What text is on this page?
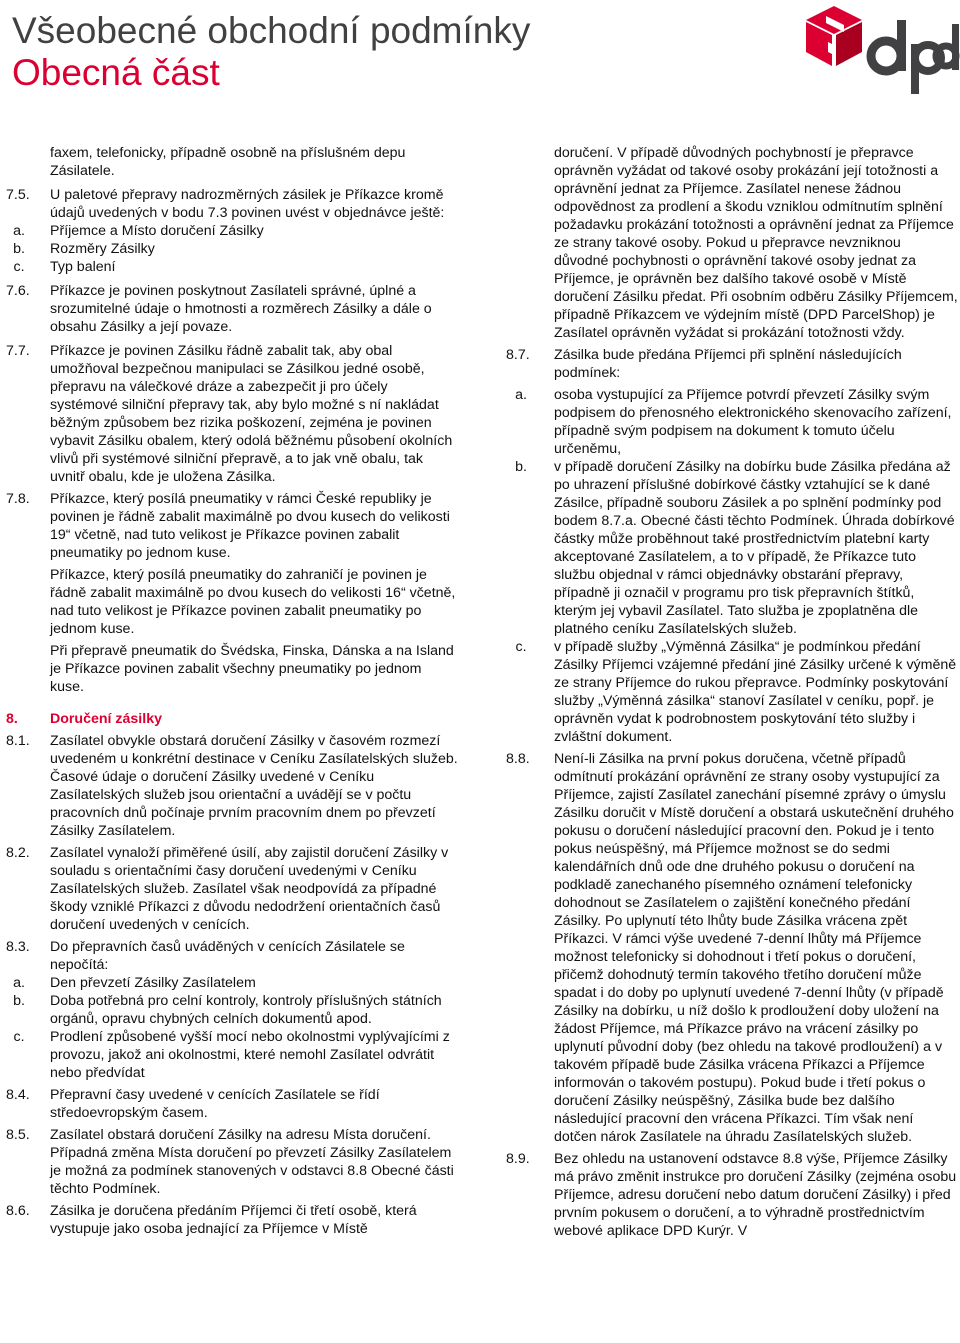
Všeobecné obchodní podmínky
Obecná část
faxem, telefonicky, případně osobně na příslušném depu Zásilatele.
7.5.	U paletové přepravy nadrozměrných zásilek je Příkazce kromě údajů uvedených v bodu 7.3 povinen uvést v objednávce ještě:
a.	Příjemce a Místo doručení Zásilky
b.	Rozměry Zásilky
c.	Typ balení
7.6.	Příkazce je povinen poskytnout Zasílateli správné, úplné a srozumitelné údaje o hmotnosti a rozměrech Zásilky a dále o obsahu Zásilky a její povaze.
7.7.	Příkazce je povinen Zásilku řádně zabalit tak, aby obal umožňoval bezpečnou manipulaci se Zásilkou jedné osobě, přepravu na válečkové dráze a zabezpečit ji pro účely systémové silniční přepravy tak, aby bylo možné s ní nakládat běžným způsobem bez rizika poškození, zejména je povinen vybavit Zásilku obalem, který odolá běžnému působení okolních vlivů při systémové silniční přepravě, a to jak vně obalu, tak uvnitř obalu, kde je uložena Zásilka.
7.8.	Příkazce, který posílá pneumatiky v rámci České republiky je povinen je řádně zabalit maximálně po dvou kusech do velikosti 19“ včetně, nad tuto velikost je Příkazce povinen zabalit pneumatiky po jednom kuse.
Příkazce, který posílá pneumatiky do zahraničí je povinen je řádně zabalit maximálně po dvou kusech do velikosti 16“ včetně, nad tuto velikost je Příkazce povinen zabalit pneumatiky po jednom kuse.
Při přepravě pneumatik do Švédska, Finska, Dánska a na Island je Příkazce povinen zabalit všechny pneumatiky po jednom kuse.
8.	Doručení zásilky
8.1.	Zasílatel obvykle obstará doručení Zásilky v časovém rozmezí uvedeném u konkrétní destinace v Ceníku Zasílatelských služeb. Časové údaje o doručení Zásilky uvedené v Ceníku Zasílatelských služeb jsou orientační a uvádějí se v počtu pracovních dnů počínaje prvním pracovním dnem po převzetí Zásilky Zasílatelem.
8.2.	Zasílatel vynaloží přiměřené úsilí, aby zajistil doručení Zásilky v souladu s orientačními časy doručení uvedenými v Ceníku Zasílatelských služeb. Zasílatel však neodpovídá za případné škody vzniklé Příkazci z důvodu nedodržení orientačních časů doručení uvedených v cenících.
8.3.	Do přepravních časů uváděných v cenících Zásilatele se nepočítá:
a.	Den převzetí Zásilky Zasílatelem
b.	Doba potřebná pro celní kontroly, kontroly příslušných státních orgánů, opravu chybných celních dokumentů apod.
c.	Prodlení způsobené vyšší mocí nebo okolnostmi vyplývajícími z provozu, jakož ani okolnostmi, které nemohl Zasílatel odvrátit nebo předvídat
8.4.	Přepravní časy uvedené v cenících Zasílatele se řídí středoevropským časem.
8.5.	Zasílatel obstará doručení Zásilky na adresu Místa doručení. Případná změna Místa doručení po převzetí Zásilky Zasílatelem je možná za podmínek stanovených v odstavci 8.8 Obecné části těchto Podmínek.
8.6.	Zásilka je doručena předáním Příjemci či třetí osobě, která vystupuje jako osoba jednající za Příjemce v Místě
doručení. V případě důvodných pochybností je přepravce oprávněn vyžádat od takové osoby prokázání její totožnosti a oprávnění jednat za Příjemce. Zasílatel nenese žádnou odpovědnost za prodlení a škodu vzniklou odmítnutím splnění požadavku prokázání totožnosti a oprávnění jednat za Příjemce ze strany takové osoby. Pokud u přepravce nevzniknou důvodné pochybnosti o oprávnění takové osoby jednat za Příjemce, je oprávněn bez dalšího takové osobě v Místě doručení Zásilku předat. Při osobním odběru Zásilky Příjemcem, případně Příkazcem ve výdejním místě (DPD ParcelShop) je Zasílatel oprávněn vyžádat si prokázání totožnosti vždy.
8.7.	Zásilka bude předána Příjemci při splnění následujících podmínek:
a.	osoba vystupující za Příjemce potvrdí převzetí Zásilky svým podpisem do přenosného elektronického skenovacího zařízení, případně svým podpisem na dokument k tomuto účelu určeněmu,
b.	v případě doručení Zásilky na dobírku bude Zásilka předána až po uhrazení příslušné dobírkové částky vztahující se k dané Zásilce, případně souboru Zásilek a po splnění podmínky pod bodem 8.7.a. Obecné části těchto Podmínek. Úhrada dobírkové částky může proběhnout také prostřednictvím platební karty akceptované Zasílatelem, a to v případě, že Příkazce tuto službu objednal v rámci objednávky obstarání přepravy, případně ji označil v programu pro tisk přepravních štítků, kterým jej vybavil Zasílatel. Tato služba je zpoplatněna dle platného ceníku Zasílatelských služeb.
c.	v případě služby „Výměnná Zásilka“ je podmínkou předání Zásilky Příjemci vzájemné předání jiné Zásilky určené k výměně ze strany Příjemce do rukou přepravce. Podmínky poskytování služby „Výměnná zásilka“ stanoví Zasílatel v ceníku, popř. je oprávněn vydat k podrobnostem poskytování této služby i zvláštní dokument.
8.8.	Není-li Zásilka na první pokus doručena, včetně případů odmítnutí prokázání oprávnění ze strany osoby vystupující za Příjemce, zajistí Zasílatel zanechání písemné zprávy o úmyslu Zásilku doručit v Místě doručení a obstará uskutečnění druhého pokusu o doručení následující pracovní den. Pokud je i tento pokus neúspěšný, má Příjemce možnost se do sedmi kalendářních dnů ode dne druhého pokusu o doručení na podkladě zanechaného písemného oznámení telefonicky dohodnout se Zasílatelem o zajištění konečného předání Zásilky. Po uplynutí této lhůty bude Zásilka vrácena zpět Příkazci. V rámci výše uvedené 7-denní lhůty má Příjemce možnost telefonicky si dohodnout i třetí pokus o doručení, přičemž dohodnutý termín takového třetího doručení může spadat i do doby po uplynutí uvedené 7-denní lhůty (v případě Zásilky na dobírku, u níž došlo k prodloužení doby uložení na žádost Příjemce, má Příkazce právo na vrácení zásilky po uplynutí původní doby (bez ohledu na takové prodloužení) a v takovém případě bude Zásilka vrácena Příkazci a Příjemce informován o takovém postupu). Pokud bude i třetí pokus o doručení Zásilky neúspěšný, Zásilka bude bez dalšího následující pracovní den vrácena Příkazci. Tím však není dotčen nárok Zasílatele na úhradu Zasílatelských služeb.
8.9.	Bez ohledu na ustanovení odstavce 8.8 výše, Příjemce Zásilky má právo změnit instrukce pro doručení Zásilky (zejména osobu Příjemce, adresu doručení nebo datum doručení Zásilky) i před prvním pokusem o doručení, a to výhradně prostřednictvím webové aplikace DPD Kurýr. V
